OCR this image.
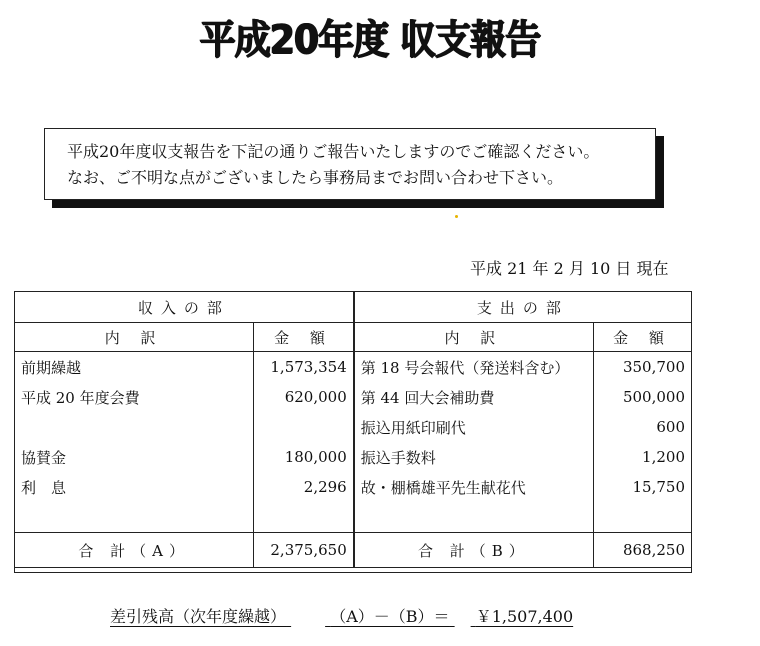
平成20年度 収支報告
平成20年度収支報告を下記の通りご報告いたしますのでご確認ください。
なお、ご不明な点がございましたら事務局までお問い合わせ下さい。
平成 21 年 2 月 10 日 現在
収入の部		支出の部	
内 訳	金 額	内 訳	金 額
前期繰越	1,573,354	第 18 号会報代（発送料含む）	350,700
平成 20 年度会費	620,000	第 44 回大会補助費	500,000
		振込用紙印刷代	600
協賛金	180,000	振込手数料	1,200
利　息	2,296	故・棚橋雄平先生献花代	15,750

合 計（A）	2,375,650	合 計（B）	868,250
差引残高（次年度繰越）	（A）－（B）＝ ￥1,507,400
